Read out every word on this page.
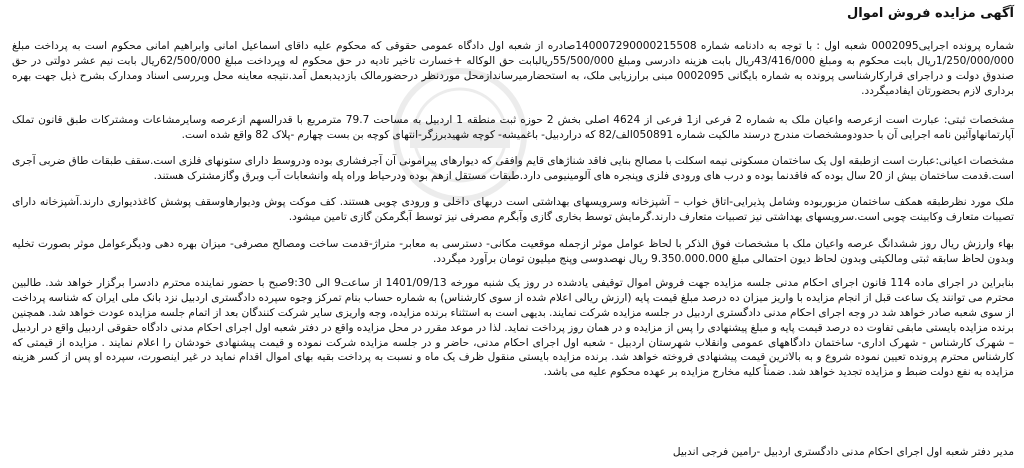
آگهی مزایده فروش اموال

شماره پرونده اجرایی0002095 شعبه اول : با توجه به دادنامه شماره 140007290000215508صادره از شعبه اول دادگاه عمومی حقوقی که محکوم علیه داقای اسماعیل امانی وابراهیم امانی محکوم است به پرداخت مبلغ 1/250/000/000ریال بابت محکوم به ومبلغ 43/416/000ریال بابت هزینه دادرسی ومبلغ 55/500/000ریالبابت حق الوکاله +خسارت تاخیر تادیه در حق محکوم له وپرداخت مبلغ 62/500/000ریال بابت نیم عشر دولتی در حق صندوق دولت و دراجرای قرارکارشناسی پرونده به شماره بایگانی 0002095 مبنی برارزیابی ملک، به استحضارمیرساندازمحل موردنظر درحضورمالک بازدیدبعمل آمد.نتیجه معاینه محل وبررسی اسناد ومدارک بشرح ذیل جهت بهره برداری لازم بحضورتان ایفادمیگردد.

مشخصات ثبتی: عبارت است ازعرصه واعیان ملک به شماره 2 فرعی از1 فرعی از 4624 اصلی بخش 2 حوزه ثبت منطقه 1 اردبیل به مساحت 79.7 مترمربع با قدرالسهم ازعرصه وسایرمشاعات ومشترکات طبق قانون تملک آپارتمانهاوآئین نامه اجرایی آن با حدودومشخصات مندرج درسند مالکیت شماره 050891الف/82 که دراردبیل- باغمیشه- کوچه شهیدبرزگر-انتهای کوچه بن بست چهارم -پلاک 82 واقع شده است.

مشخصات اعیانی:عبارت است ازطبقه اول یک ساختمان مسکونی نیمه اسکلت با مصالح بنایی فاقد شناژهای قایم وافقی که دیوارهای پیرامونی آن آجرفشاری بوده ودروسط دارای ستونهای فلزی است.سقف طبقات طاق ضربی آجری است.قدمت ساختمان بیش از 20 سال بوده که فاقدنما بوده و درب های ورودی فلزی وپنجره های آلومینیومی دارد.طبقات مستقل ازهم بوده ودرحیاط وراه پله وانشعابات آب وبرق وگازمشترک هستند.

ملک مورد نظرطبقه همکف ساختمان مزبوربوده وشامل پذیرایی-اتاق خواب – آشپزخانه وسرویسهای بهداشتی است دربهای داخلی و ورودی چوبی هستند. کف موکت پوش ودیوارهاوسقف پوشش کاغذدیواری دارند.آشپزخانه دارای تصیبات متعارف وکابینت چوبی است.سرویسهای بهداشتی نیز تصبیات متعارف دارند.گرمایش توسط بخاری گازی وآبگرم مصرفی نیز توسط آبگرمکن گازی تامین میشود.

بهاء وارزش ریال روز ششدانگ عرصه واعیان ملک با مشخصات فوق الذکر با لحاظ عوامل موثر ازجمله موقعیت مکانی- دسترسی به معابر- متراژ-قدمت ساخت ومصالح مصرفی- میزان بهره دهی ودیگرعوامل موثر بصورت تخلیه وبدون لحاظ سابقه ثبتی ومالکیتی وبدون لحاظ دیون احتمالی مبلغ 9.350.000.000 ریال نهصدوسی وپنج میلیون تومان برآورد میگردد.

بنابراین در اجرای ماده 114 قانون اجرای احکام مدنی جلسه مزایده جهت فروش اموال توقیفی یادشده در روز یک شنبه مورخه 1401/09/13 از ساعت9 الی 9:30صبح با حضور نماینده محترم دادسرا برگزار خواهد شد. طالبین محترم می توانند یک ساعت قبل از انجام مزایده با واریز میزان ده درصد مبلغ قیمت پایه (ارزش ریالی اعلام شده از سوی کارشناس) به شماره حساب بنام تمرکز وجوه سپرده دادگستری اردبیل نزد بانک ملی ایران که شناسه پرداخت از سوی شعبه صادر خواهد شد در وجه اجرای احکام مدنی دادگستری اردبیل در جلسه مزایده شرکت نمایند. بدیهی است به استثناء برنده مزایده، وجه واریزی سایر شرکت کنندگان بعد از اتمام جلسه مزایده عودت خواهد شد. همچنین برنده مزایده بایستی مابقی تفاوت ده درصد قیمت پایه و مبلغ پیشنهادی را پس از مزایده و در همان روز پرداخت نماید. لذا در موعد مقرر در محل مزایده واقع در دفتر شعبه اول اجرای احکام مدنی دادگاه حقوقی اردبیل واقع در اردبیل – شهرک کارشناس - شهرک اداری- ساختمان دادگاههای عمومی وانقلاب شهرستان اردبیل - شعبه اول اجرای احکام مدنی، حاضر و در جلسه مزایده شرکت نموده و قیمت پیشنهادی خودشان را اعلام نمایند . مزایده از قیمتی که کارشناس محترم پرونده تعیین نموده شروع و به بالاترین قیمت پیشنهادی فروخته خواهد شد. برنده مزایده بایستی منقول ظرف یک ماه و نسبت به پرداخت بقیه بهای اموال اقدام نماید در غیر اینصورت، سپرده او پس از کسر هزینه مزایده به نفع دولت ضبط و مزایده تجدید خواهد شد. ضمناً کلیه مخارج مزایده بر عهده محکوم علیه می باشد.

مدیر دفتر شعبه اول اجرای احکام مدنی دادگستری اردبیل -رامین فرجی اندبیل
